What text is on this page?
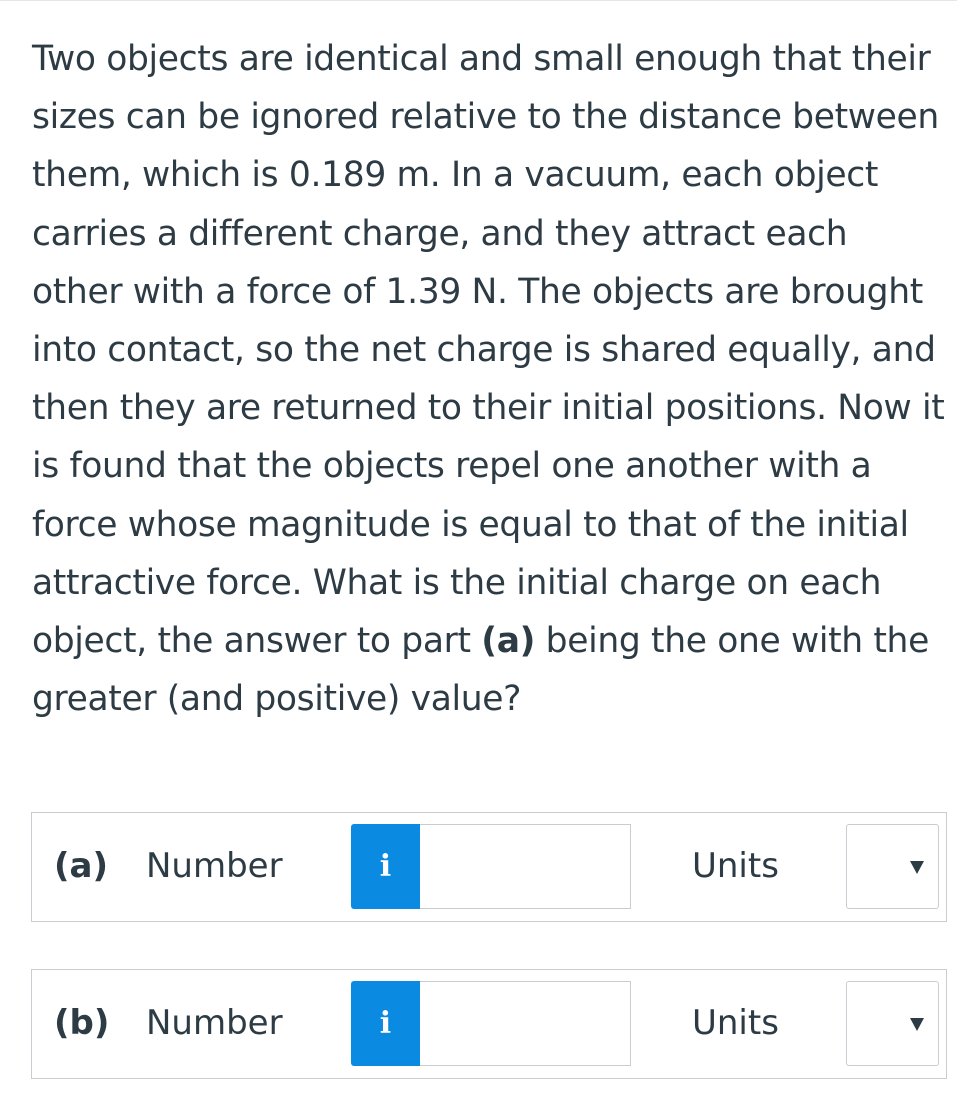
Two objects are identical and small enough that their sizes can be ignored relative to the distance between them, which is 0.189 m. In a vacuum, each object carries a different charge, and they attract each other with a force of 1.39 N. The objects are brought into contact, so the net charge is shared equally, and then they are returned to their initial positions. Now it is found that the objects repel one another with a force whose magnitude is equal to that of the initial attractive force. What is the initial charge on each object, the answer to part (a) being the one with the greater (and positive) value?

(a) Number	i	Units
(b) Number	i	Units
